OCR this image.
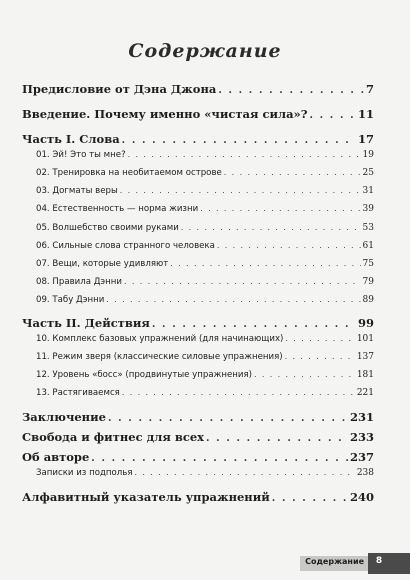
Содержание
Предисловие от Дэна Джона . . .	7
Введение. Почему именно «чистая сила»? . . .	11
Часть I. Слова . . .	17
01. Эй! Это ты мне? . . .	19
02. Тренировка на необитаемом острове . . .	25
03. Догматы веры . . .	31
04. Естественность — норма жизни . . .	39
05. Волшебство своими руками . . .	53
06. Сильные слова странного человека . . .	61
07. Вещи, которые удивляют . . .	75
08. Правила Дэнни . . .	79
09. Табу Дэнни . . .	89
Часть II. Действия . . .	99
10. Комплекс базовых упражнений (для начинающих) . . .	101
11. Режим зверя (классические силовые упражнения) . . .	137
12. Уровень «босс» (продвинутые упражнения) . . .	181
13. Растягиваемся . . .	221
Заключение . . .	231
Свобода и фитнес для всех . . .	233
Об авторе . . .	237
Записки из подполья . . .	238
Алфавитный указатель упражнений . . .	240
Содержание	8
